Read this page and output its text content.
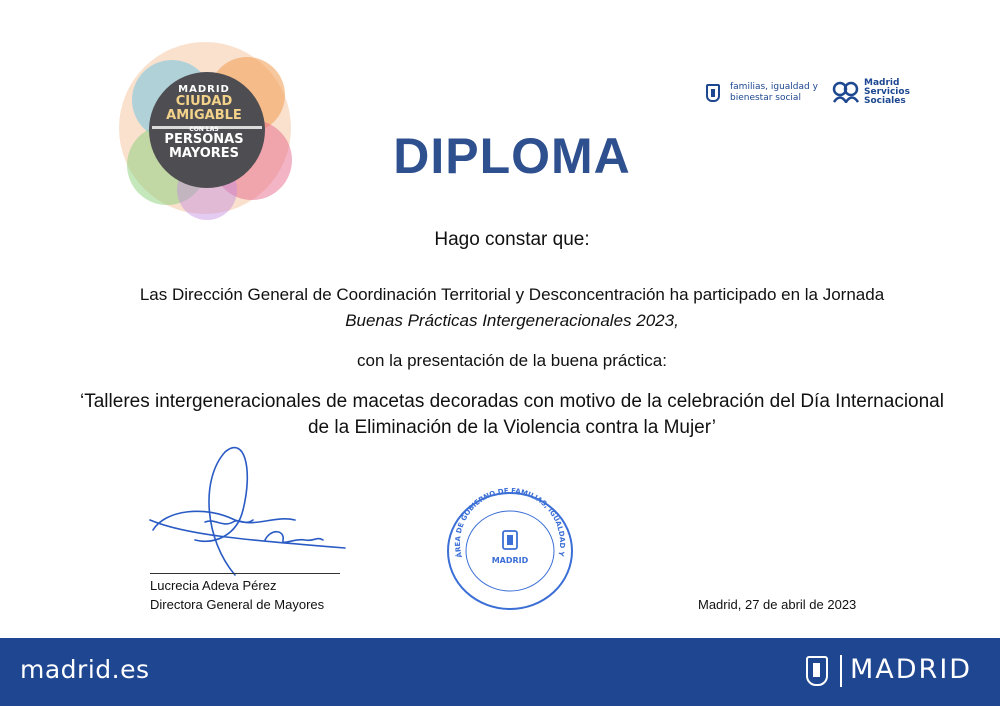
MADRID
CIUDAD
AMIGABLE
CON LAS
PERSONAS
MAYORES
familias, igualdad y
bienestar social
Madrid
Servicios
Sociales
DIPLOMA
Hago constar que:
Las Dirección General de Coordinación Territorial y Desconcentración ha participado en la Jornada
Buenas Prácticas Intergeneracionales 2023,
con la presentación de la buena práctica:
‘Talleres intergeneracionales de macetas decoradas con motivo de la celebración del Día Internacional
de la Eliminación de la Violencia contra la Mujer’
Lucrecia Adeva Pérez
Directora General de Mayores
ÁREA DE GOBIERNO DE FAMILIAS, IGUALDAD Y
MADRID
Madrid, 27 de abril de 2023
madrid.es	MADRID
